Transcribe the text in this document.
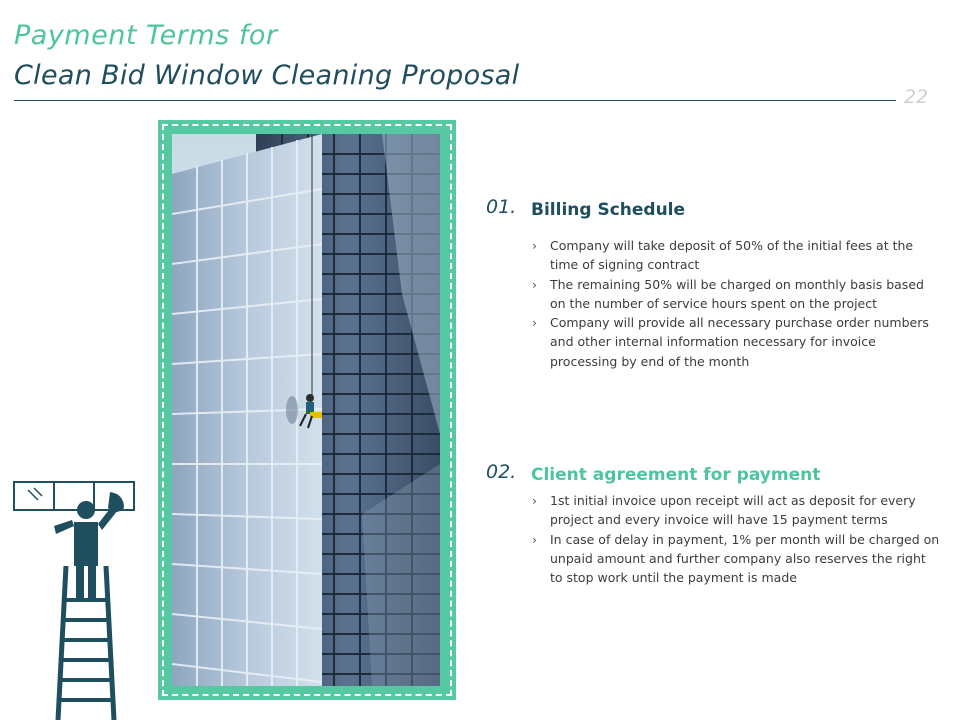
Payment Terms for
Clean Bid Window Cleaning Proposal
22
01. Billing Schedule
› Company will take deposit of 50% of the initial fees at the time of signing contract
› The remaining 50% will be charged on monthly basis based on the number of service hours spent on the project
› Company will provide all necessary purchase order numbers and other internal information necessary for invoice processing by end of the month
02. Client agreement for payment
› 1st initial invoice upon receipt will act as deposit for every project and every invoice will have 15 payment terms
› In case of delay in payment, 1% per month will be charged on unpaid amount and further company also reserves the right to stop work until the payment is made
